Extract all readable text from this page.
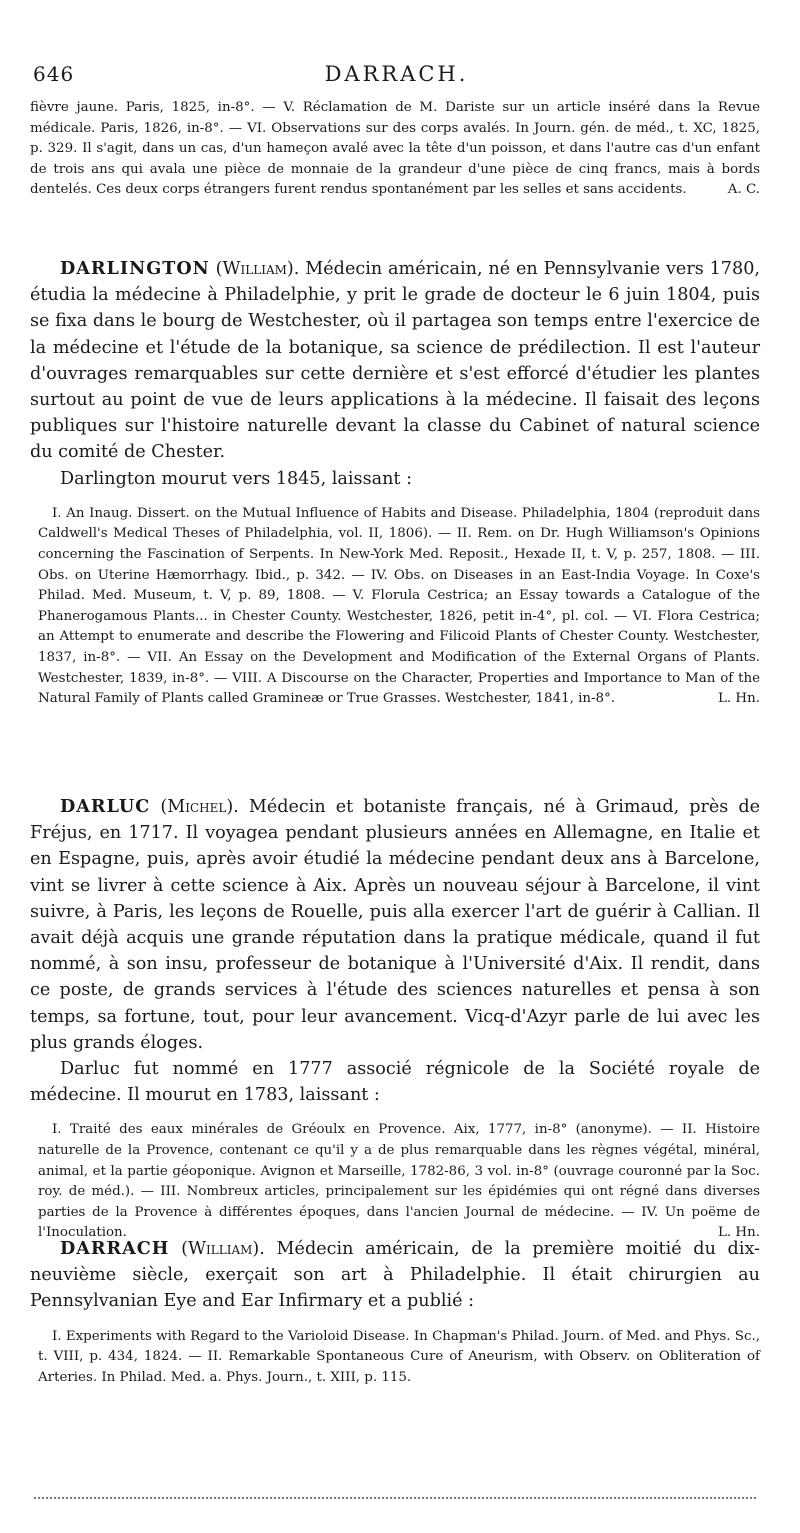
646	DARRACH.

fièvre jaune. Paris, 1825, in-8°. — V. Réclamation de M. Dariste sur un article inséré dans la Revue médicale. Paris, 1826, in-8°. — VI. Observations sur des corps avalés. In Journ. gén. de méd., t. XC, 1825, p. 329. Il s'agit, dans un cas, d'un hameçon avalé avec la tête d'un poisson, et dans l'autre cas d'un enfant de trois ans qui avala une pièce de monnaie de la grandeur d'une pièce de cinq francs, mais à bords dentelés. Ces deux corps étrangers furent rendus spontanément par les selles et sans accidents.	A. C.

DARLINGTON (William). Médecin américain, né en Pennsylvanie vers 1780, étudia la médecine à Philadelphie, y prit le grade de docteur le 6 juin 1804, puis se fixa dans le bourg de Westchester, où il partagea son temps entre l'exercice de la médecine et l'étude de la botanique, sa science de prédilection. Il est l'auteur d'ouvrages remarquables sur cette dernière et s'est efforcé d'étudier les plantes surtout au point de vue de leurs applications à la médecine. Il faisait des leçons publiques sur l'histoire naturelle devant la classe du Cabinet of natural science du comité de Chester.

Darlington mourut vers 1845, laissant :

I. An Inaug. Dissert. on the Mutual Influence of Habits and Disease. Philadelphia, 1804 (reproduit dans Caldwell's Medical Theses of Philadelphia, vol. II, 1806). — II. Rem. on Dr. Hugh Williamson's Opinions concerning the Fascination of Serpents. In New-York Med. Reposit., Hexade II, t. V, p. 257, 1808. — III. Obs. on Uterine Hæmorrhagy. Ibid., p. 342. — IV. Obs. on Diseases in an East-India Voyage. In Coxe's Philad. Med. Museum, t. V, p. 89, 1808. — V. Florula Cestrica; an Essay towards a Catalogue of the Phanerogamous Plants... in Chester County. Westchester, 1826, petit in-4°, pl. col. — VI. Flora Cestrica; an Attempt to enumerate and describe the Flowering and Filicoid Plants of Chester County. Westchester, 1837, in-8°. — VII. An Essay on the Development and Modification of the External Organs of Plants. Westchester, 1839, in-8°. — VIII. A Discourse on the Character, Properties and Importance to Man of the Natural Family of Plants called Gramineæ or True Grasses. Westchester, 1841, in-8°.	L. Hn.

DARLUC (Michel). Médecin et botaniste français, né à Grimaud, près de Fréjus, en 1717. Il voyagea pendant plusieurs années en Allemagne, en Italie et en Espagne, puis, après avoir étudié la médecine pendant deux ans à Barcelone, vint se livrer à cette science à Aix. Après un nouveau séjour à Barcelone, il vint suivre, à Paris, les leçons de Rouelle, puis alla exercer l'art de guérir à Callian. Il avait déjà acquis une grande réputation dans la pratique médicale, quand il fut nommé, à son insu, professeur de botanique à l'Université d'Aix. Il rendit, dans ce poste, de grands services à l'étude des sciences naturelles et pensa à son temps, sa fortune, tout, pour leur avancement. Vicq-d'Azyr parle de lui avec les plus grands éloges.

Darluc fut nommé en 1777 associé régnicole de la Société royale de médecine. Il mourut en 1783, laissant :

I. Traité des eaux minérales de Gréoulx en Provence. Aix, 1777, in-8° (anonyme). — II. Histoire naturelle de la Provence, contenant ce qu'il y a de plus remarquable dans les règnes végétal, minéral, animal, et la partie géoponique. Avignon et Marseille, 1782-86, 3 vol. in-8° (ouvrage couronné par la Soc. roy. de méd.). — III. Nombreux articles, principalement sur les épidémies qui ont régné dans diverses parties de la Provence à différentes époques, dans l'ancien Journal de médecine. — IV. Un poëme de l'Inoculation.	L. Hn.

DARRACH (William). Médecin américain, de la première moitié du dix-neuvième siècle, exerçait son art à Philadelphie. Il était chirurgien au Pennsylvanian Eye and Ear Infirmary et a publié :

I. Experiments with Regard to the Varioloid Disease. In Chapman's Philad. Journ. of Med. and Phys. Sc., t. VIII, p. 434, 1824. — II. Remarkable Spontaneous Cure of Aneurism, with Observ. on Obliteration of Arteries. In Philad. Med. a. Phys. Journ., t. XIII, p. 115.
